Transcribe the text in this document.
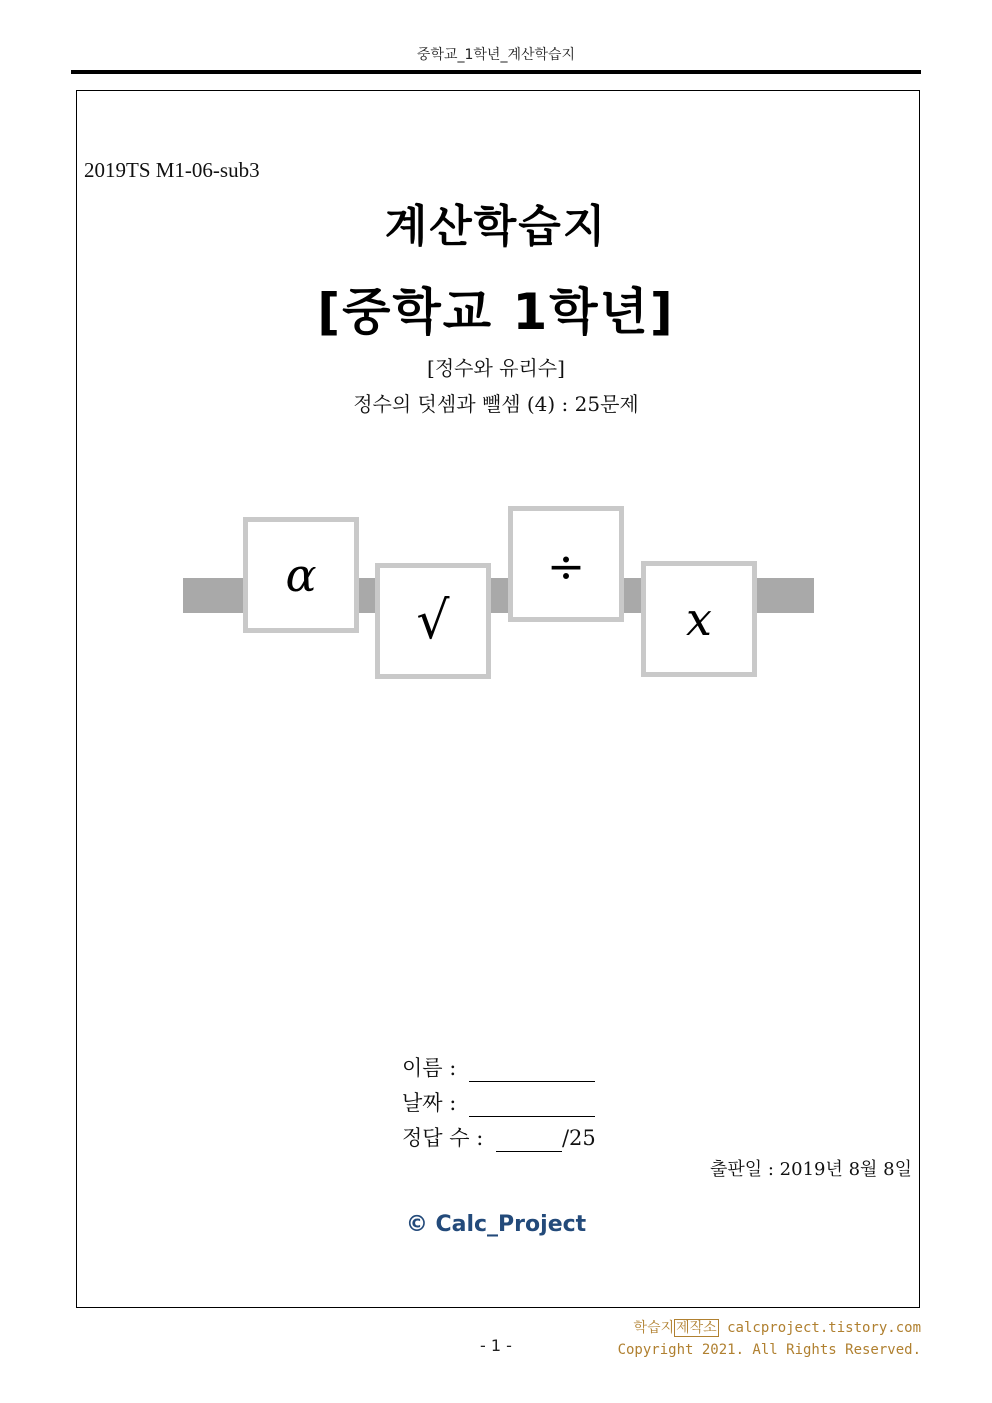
중학교_1학년_계산학습지
2019TS M1-06-sub3
계산학습지
[중학교 1학년]
[정수와 유리수]
정수의 덧셈과 뺄셈 (4) : 25문제
α
√
÷
x
이름 :
날짜 :
정답 수 :	/25
출판일 : 2019년 8월 8일
© Calc_Project
학습지 제작소 calcproject.tistory.com
Copyright 2021. All Rights Reserved.
- 1 -
